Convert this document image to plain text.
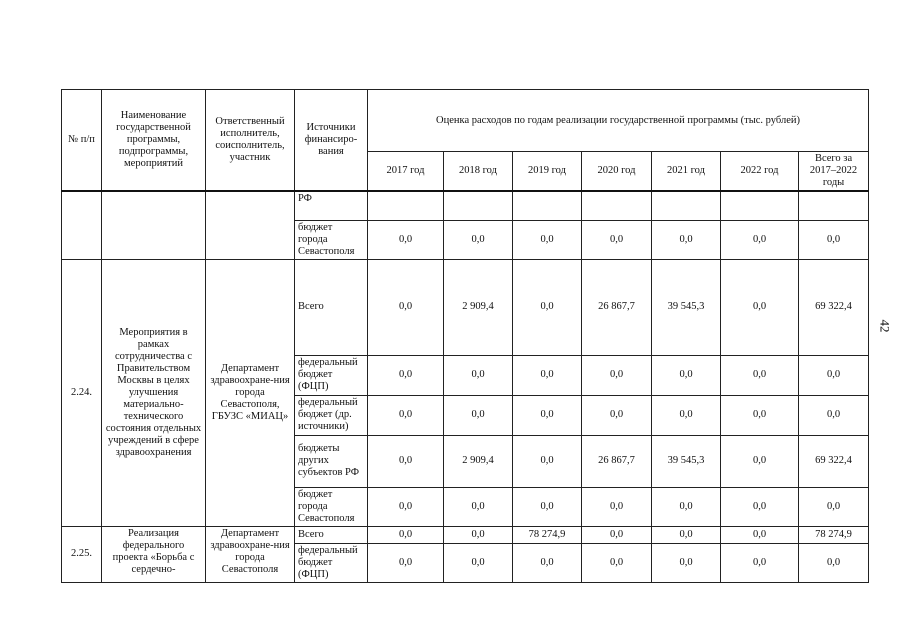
№ п/п	Наименование государственной программы, подпрограммы, мероприятий	Ответственный исполнитель, соисполнитель, участник	Источники финансиро-вания	Оценка расходов по годам реализации государственной программы (тыс. рублей)						
				2017 год	2018 год	2019 год	2020 год	2021 год	2022 год	Всего за 2017–2022 годы
			РФ							
			бюджет города Севастополя	0,0	0,0	0,0	0,0	0,0	0,0	0,0
2.24.	Мероприятия в рамках сотрудничества с Правительством Москвы в целях улучшения материально-технического состояния отдельных учреждений в сфере здравоохранения	Департамент здравоохране-ния города Севастополя, ГБУЗС «МИАЦ»	Всего	0,0	2 909,4	0,0	26 867,7	39 545,3	0,0	69 322,4
			федеральный бюджет (ФЦП)	0,0	0,0	0,0	0,0	0,0	0,0	0,0
			федеральный бюджет (др. источники)	0,0	0,0	0,0	0,0	0,0	0,0	0,0
			бюджеты других субъектов РФ	0,0	2 909,4	0,0	26 867,7	39 545,3	0,0	69 322,4
			бюджет города Севастополя	0,0	0,0	0,0	0,0	0,0	0,0	0,0
2.25.	Реализация федерального проекта «Борьба с сердечно-	Департамент здравоохране-ния города Севастополя	Всего	0,0	0,0	78 274,9	0,0	0,0	0,0	78 274,9
			федеральный бюджет (ФЦП)	0,0	0,0	0,0	0,0	0,0	0,0	0,0
42
